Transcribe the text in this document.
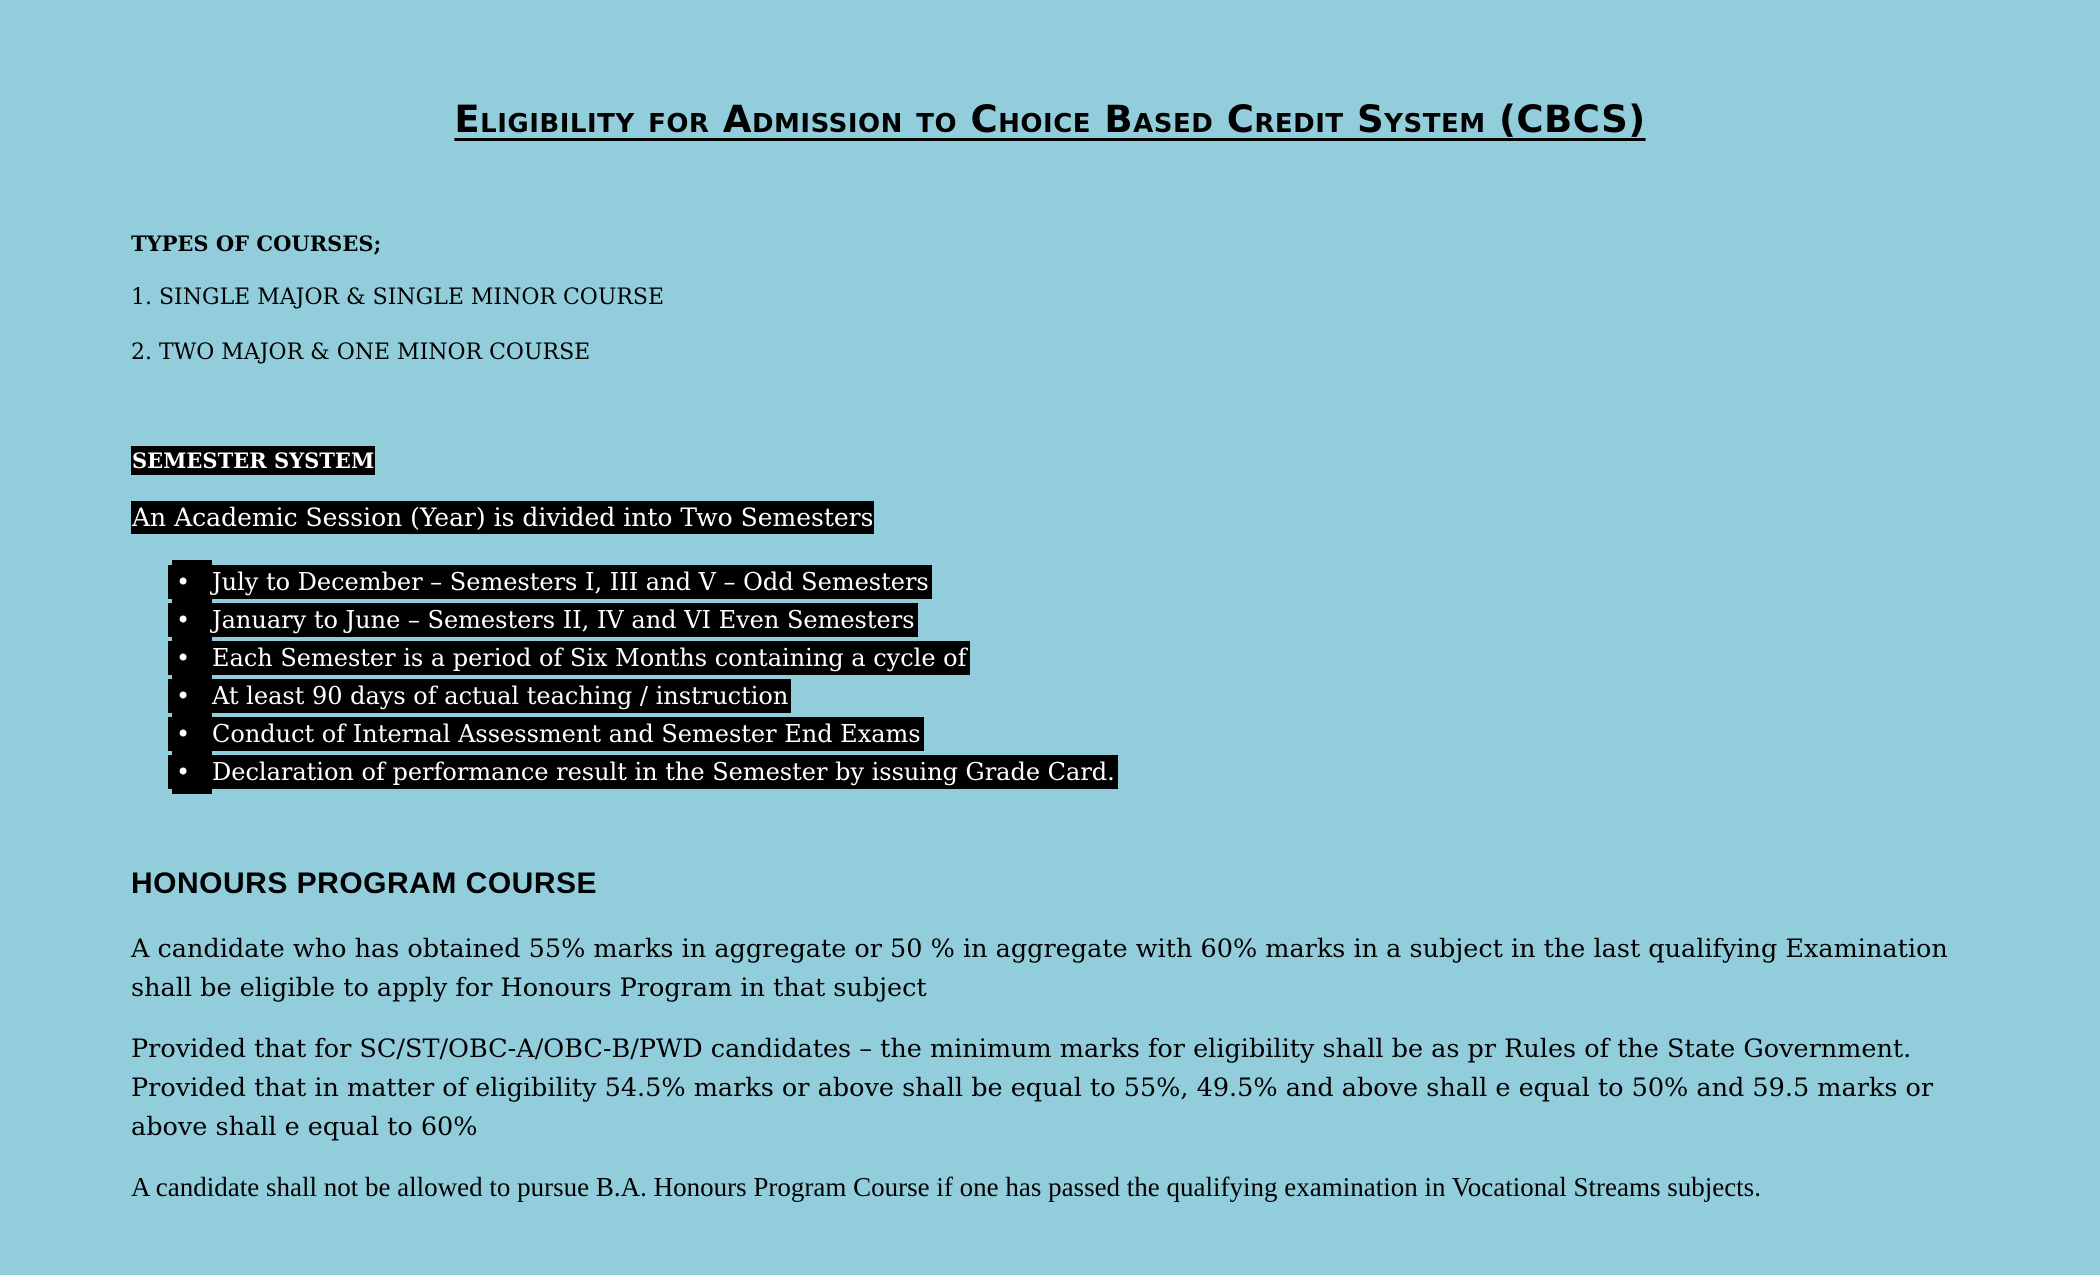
Eligibility for Admission to Choice Based Credit System (CBCS)
TYPES OF COURSES;
1. SINGLE MAJOR & SINGLE MINOR COURSE
2. TWO MAJOR & ONE MINOR COURSE
SEMESTER SYSTEM
An Academic Session (Year) is divided into Two Semesters
• July to December – Semesters I, III and V – Odd Semesters
• January to June – Semesters II, IV and VI Even Semesters
• Each Semester is a period of Six Months containing a cycle of
• At least 90 days of actual teaching / instruction
• Conduct of Internal Assessment and Semester End Exams
• Declaration of performance result in the Semester by issuing Grade Card.
HONOURS PROGRAM COURSE
A candidate who has obtained 55% marks in aggregate or 50 % in aggregate with 60% marks in a subject in the last qualifying Examination shall be eligible to apply for Honours Program in that subject
Provided that for SC/ST/OBC-A/OBC-B/PWD candidates – the minimum marks for eligibility shall be as pr Rules of the State Government. Provided that in matter of eligibility 54.5% marks or above shall be equal to 55%, 49.5% and above shall e equal to 50% and 59.5 marks or above shall e equal to 60%
A candidate shall not be allowed to pursue B.A. Honours Program Course if one has passed the qualifying examination in Vocational Streams subjects.
